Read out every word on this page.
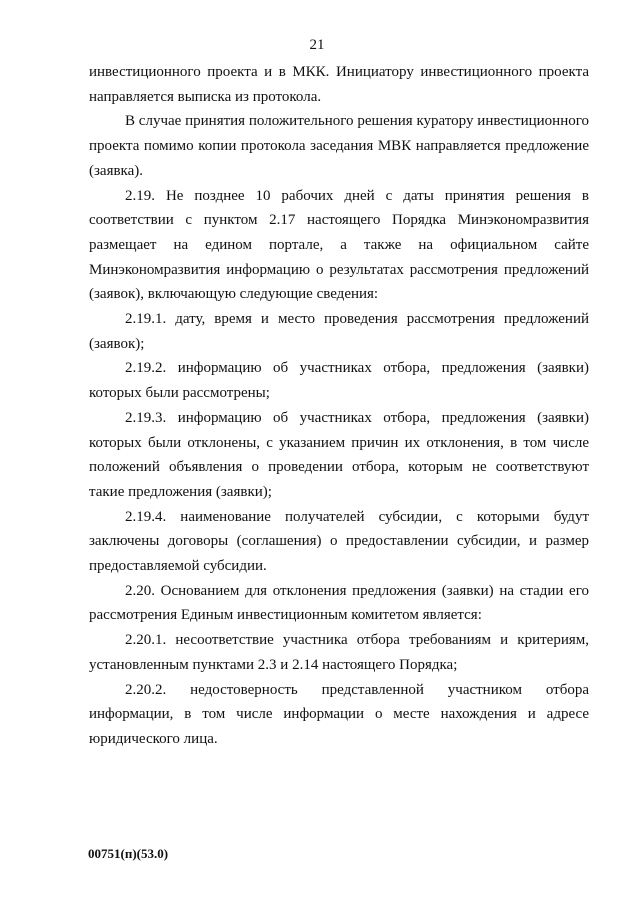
21

инвестиционного проекта и в МКК. Инициатору инвестиционного проекта направляется выписка из протокола.

В случае принятия положительного решения куратору инвестиционного проекта помимо копии протокола заседания МВК направляется предложение (заявка).

2.19. Не позднее 10 рабочих дней с даты принятия решения в соответствии с пунктом 2.17 настоящего Порядка Минэкономразвития размещает на едином портале, а также на официальном сайте Минэкономразвития информацию о результатах рассмотрения предложений (заявок), включающую следующие сведения:

2.19.1. дату, время и место проведения рассмотрения предложений (заявок);

2.19.2. информацию об участниках отбора, предложения (заявки) которых были рассмотрены;

2.19.3. информацию об участниках отбора, предложения (заявки) которых были отклонены, с указанием причин их отклонения, в том числе положений объявления о проведении отбора, которым не соответствуют такие предложения (заявки);

2.19.4. наименование получателей субсидии, с которыми будут заключены договоры (соглашения) о предоставлении субсидии, и размер предоставляемой субсидии.

2.20. Основанием для отклонения предложения (заявки) на стадии его рассмотрения Единым инвестиционным комитетом является:

2.20.1. несоответствие участника отбора требованиям и критериям, установленным пунктами 2.3 и 2.14 настоящего Порядка;

2.20.2. недостоверность представленной участником отбора информации, в том числе информации о месте нахождения и адресе юридического лица.

00751(п)(53.0)
